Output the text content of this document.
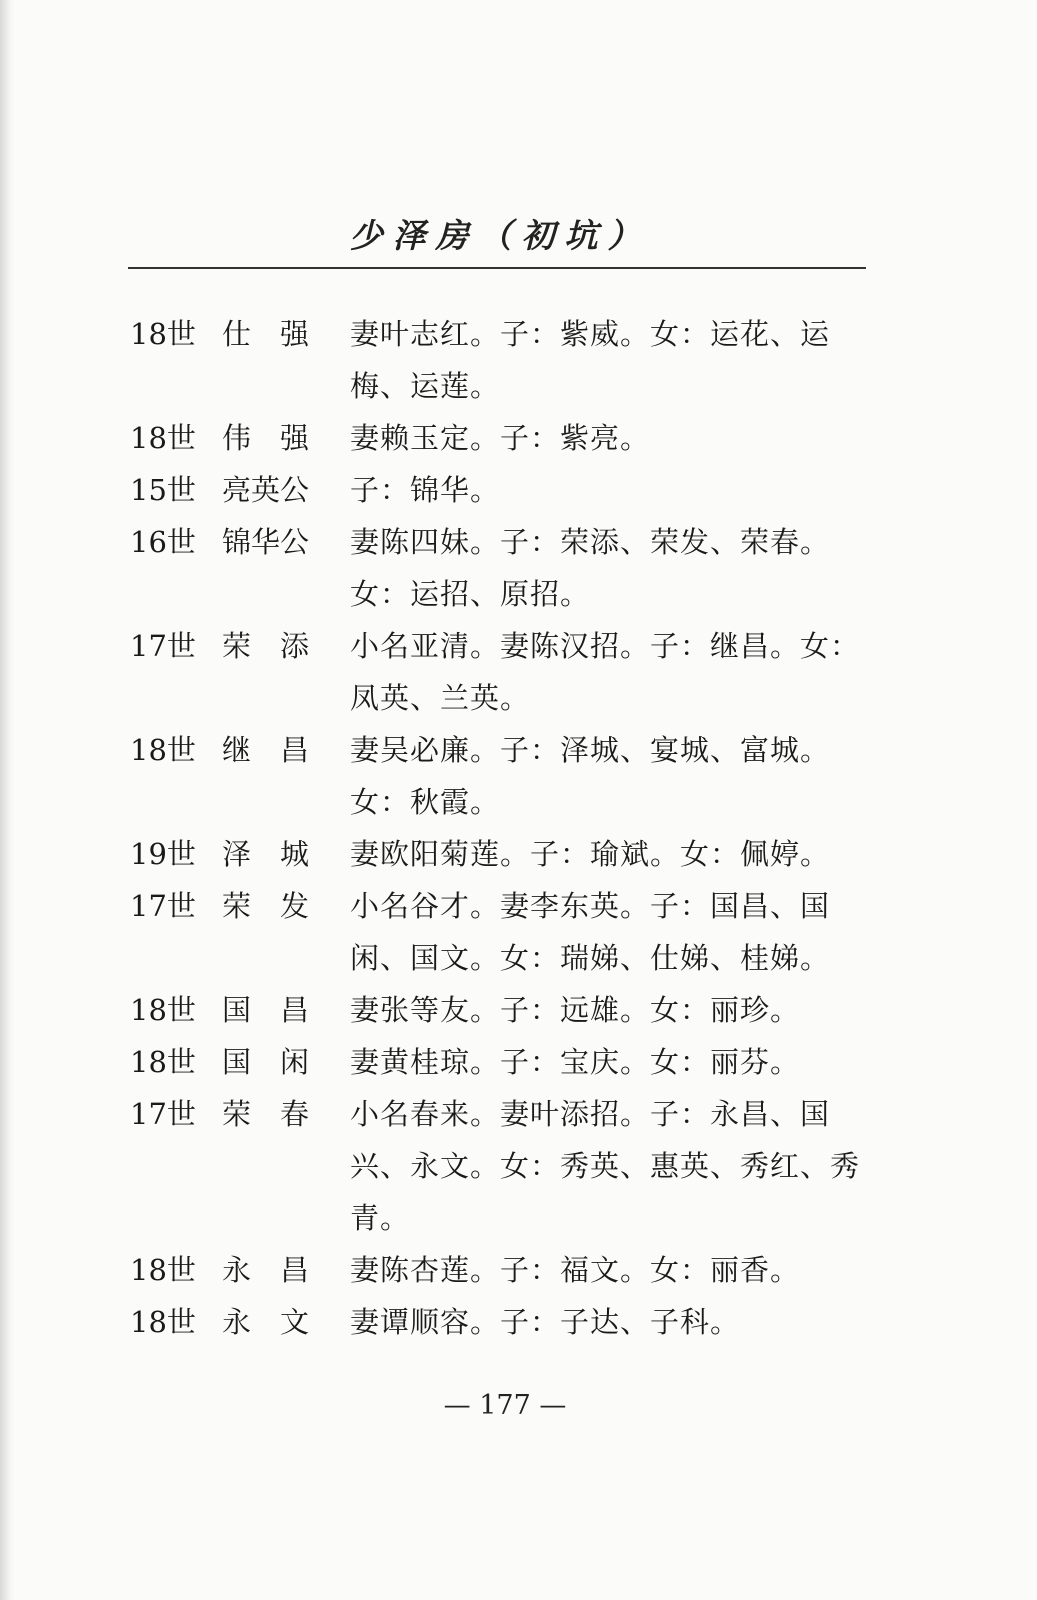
少泽房（初坑）
18世 仕　强	妻叶志红。子：紫威。女：运花、运梅、运莲。
18世 伟　强	妻赖玉定。子：紫亮。
15世 亮英公	子：锦华。
16世 锦华公	妻陈四妹。子：荣添、荣发、荣春。女：运招、原招。
17世 荣　添	小名亚清。妻陈汉招。子：继昌。女：凤英、兰英。
18世 继　昌	妻吴必廉。子：泽城、宴城、富城。女：秋霞。
19世 泽　城	妻欧阳菊莲。子：瑜斌。女：佩婷。
17世 荣　发	小名谷才。妻李东英。子：国昌、国闲、国文。女：瑞娣、仕娣、桂娣。
18世 国　昌	妻张等友。子：远雄。女：丽珍。
18世 国　闲	妻黄桂琼。子：宝庆。女：丽芬。
17世 荣　春	小名春来。妻叶添招。子：永昌、国兴、永文。女：秀英、惠英、秀红、秀青。
18世 永　昌	妻陈杏莲。子：福文。女：丽香。
18世 永　文	妻谭顺容。子：子达、子科。
— 177 —
